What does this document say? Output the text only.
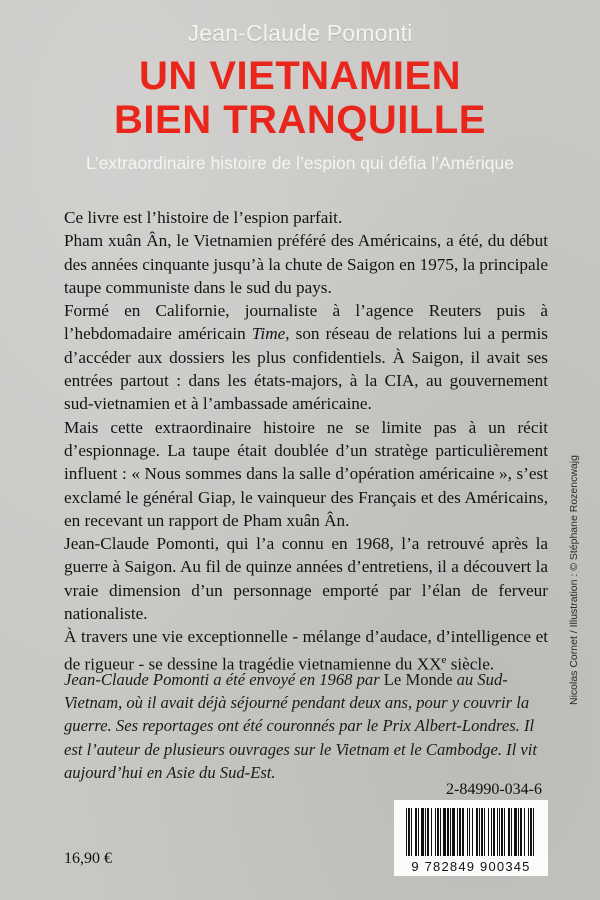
Jean-Claude Pomonti
UN VIETNAMIEN
BIEN TRANQUILLE
L’extraordinaire histoire de l’espion qui défia l’Amérique

Ce livre est l’histoire de l’espion parfait.

Pham xuân Ân, le Vietnamien préféré des Américains, a été, du début des années cinquante jusqu’à la chute de Saigon en 1975, la principale taupe communiste dans le sud du pays.

Formé en Californie, journaliste à l’agence Reuters puis à l’hebdomadaire américain Time, son réseau de relations lui a permis d’accéder aux dossiers les plus confidentiels. À Saigon, il avait ses entrées partout : dans les états-majors, à la CIA, au gouvernement sud-vietnamien et à l’ambassade américaine.

Mais cette extraordinaire histoire ne se limite pas à un récit d’espionnage. La taupe était doublée d’un stratège particulièrement influent : « Nous sommes dans la salle d’opération américaine », s’est exclamé le général Giap, le vainqueur des Français et des Américains, en recevant un rapport de Pham xuân Ân.

Jean-Claude Pomonti, qui l’a connu en 1968, l’a retrouvé après la guerre à Saigon. Au fil de quinze années d’entretiens, il a découvert la vraie dimension d’un personnage emporté par l’élan de ferveur nationaliste.

À travers une vie exceptionnelle - mélange d’audace, d’intelligence et de rigueur - se dessine la tragédie vietnamienne du XXe siècle.

Jean-Claude Pomonti a été envoyé en 1968 par Le Monde au Sud-Vietnam, où il avait déjà séjourné pendant deux ans, pour y couvrir la guerre. Ses reportages ont été couronnés par le Prix Albert-Londres. Il est l’auteur de plusieurs ouvrages sur le Vietnam et le Cambodge. Il vit aujourd’hui en Asie du Sud-Est.

2-84990-034-6
9 782849 900345
16,90 €
Nicolas Cornet / Illustration : © Stéphane Rozencwajg
